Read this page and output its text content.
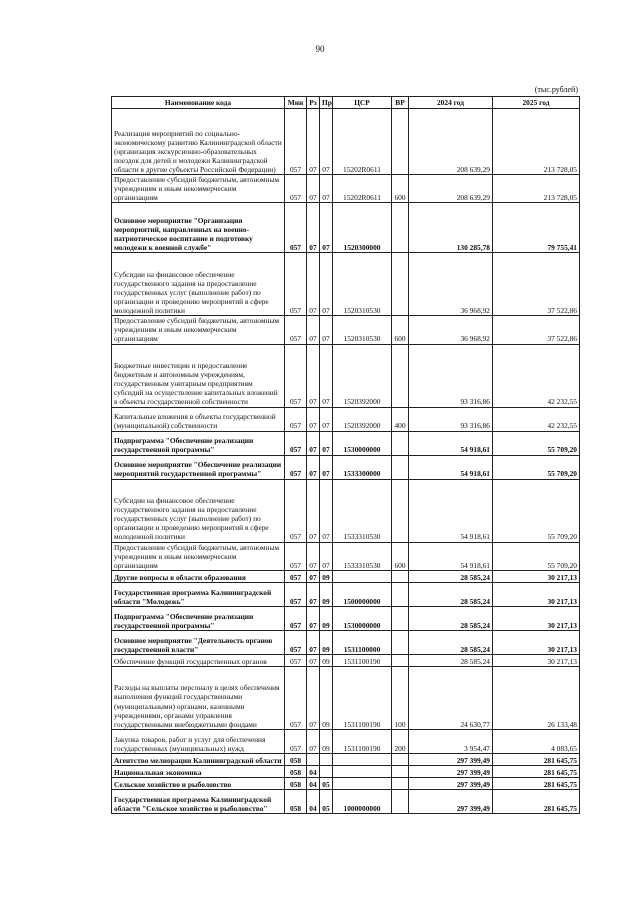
90
(тыс.рублей)
Наименование кода	Мин	Рз	Пр	ЦСР	ВР	2024 год	2025 год
Реализация мероприятий по социально-экономическому развитию Калининградской области (организация экскурсионно-образовательных поездок для детей и молодежи Калининградской области в другие субъекты Российской Федерации)	057	07	07	15202R0611		208 639,29	213 728,05
Предоставление субсидий бюджетным, автономным учреждениям и иным некоммерческим организациям	057	07	07	15202R0611	600	208 639,29	213 728,05
Основное мероприятие "Организация мероприятий, направленных на военно-патриотическое воспитание и подготовку молодежи к военной службе"	057	07	07	1520300000		130 285,78	79 755,41
Субсидии на финансовое обеспечение государственного задания на предоставление государственных услуг (выполнение работ) по организации и проведению мероприятий в сфере молодежной политики	057	07	07	1520310530		36 968,92	37 522,86
Предоставление субсидий бюджетным, автономным учреждениям и иным некоммерческим организациям	057	07	07	1520310530	600	36 968,92	37 522,86
Бюджетные инвестиции и предоставление бюджетным и автономным учреждениям, государственным унитарным предприятиям субсидий на осуществление капитальных вложений в объекты государственной собственности	057	07	07	1520392000		93 316,86	42 232,55
Капитальные вложения в объекты государственной (муниципальной) собственности	057	07	07	1520392000	400	93 316,86	42 232,55
Подпрограмма "Обеспечение реализации государственной программы"	057	07	07	1530000000		54 918,61	55 709,20
Основное мероприятие "Обеспечение реализации мероприятий государственной программы"	057	07	07	1533300000		54 918,61	55 709,20
Субсидии на финансовое обеспечение государственного задания на предоставление государственных услуг (выполнение работ) по организации и проведению мероприятий в сфере молодежной политики	057	07	07	1533310530		54 918,61	55 709,20
Предоставление субсидий бюджетным, автономным учреждениям и иным некоммерческим организациям	057	07	07	1533310530	600	54 918,61	55 709,20
Другие вопросы в области образования	057	07	09			28 585,24	30 217,13
Государственная программа Калининградской области "Молодежь"	057	07	09	1500000000		28 585,24	30 217,13
Подпрограмма "Обеспечение реализации государственной программы"	057	07	09	1530000000		28 585,24	30 217,13
Основное мероприятие "Деятельность органов государственной власти"	057	07	09	1531100000		28 585,24	30 217,13
Обеспечение функций государственных органов	057	07	09	1531100190		28 585,24	30 217,13
Расходы на выплаты персоналу в целях обеспечения выполнения функций государственными (муниципальными) органами, казенными учреждениями, органами управления государственными внебюджетными фондами	057	07	09	1531100190	100	24 630,77	26 133,48
Закупка товаров, работ и услуг для обеспечения государственных (муниципальных) нужд	057	07	09	1531100190	200	3 954,47	4 083,65
Агентство мелиорации Калининградской области	058					297 399,49	281 645,75
Национальная экономика	058	04				297 399,49	281 645,75
Сельское хозяйство и рыболовство	058	04	05			297 399,49	281 645,75
Государственная программа Калининградской области "Сельское хозяйство и рыболовство"	058	04	05	1000000000		297 399,49	281 645,75
